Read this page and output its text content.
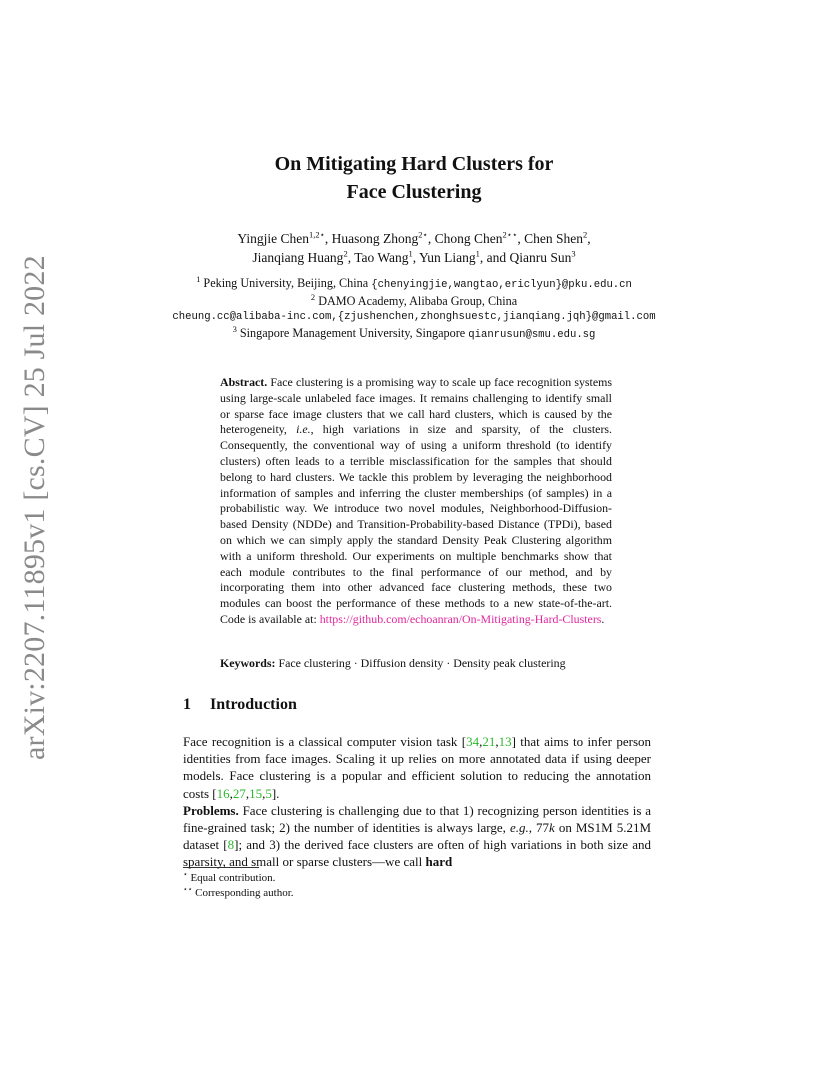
arXiv:2207.11895v1 [cs.CV] 25 Jul 2022
On Mitigating Hard Clusters for
Face Clustering
Yingjie Chen$^{1,2⋆}$, Huasong Zhong$^{2⋆}$, Chong Chen$^{2⋆⋆}$, Chen Shen$^2$,
Jianqiang Huang$^2$, Tao Wang$^1$, Yun Liang$^1$, and Qianru Sun$^3$
$^1$ Peking University, Beijing, China {chenyingjie,wangtao,ericlyun}@pku.edu.cn
$^2$ DAMO Academy, Alibaba Group, China
cheung.cc@alibaba-inc.com,{zjushenchen,zhonghsuestc,jianqiang.jqh}@gmail.com
$^3$ Singapore Management University, Singapore qianrusun@smu.edu.sg
Abstract. Face clustering is a promising way to scale up face recognition systems using large-scale unlabeled face images. It remains challenging to identify small or sparse face image clusters that we call hard clusters, which is caused by the heterogeneity, i.e., high variations in size and sparsity, of the clusters. Consequently, the conventional way of using a uniform threshold (to identify clusters) often leads to a terrible misclassification for the samples that should belong to hard clusters. We tackle this problem by leveraging the neighborhood information of samples and inferring the cluster memberships (of samples) in a probabilistic way. We introduce two novel modules, Neighborhood-Diffusion-based Density (NDDe) and Transition-Probability-based Distance (TPDi), based on which we can simply apply the standard Density Peak Clustering algorithm with a uniform threshold. Our experiments on multiple benchmarks show that each module contributes to the final performance of our method, and by incorporating them into other advanced face clustering methods, these two modules can boost the performance of these methods to a new state-of-the-art. Code is available at: https://github.com/echoanran/On-Mitigating-Hard-Clusters.
Keywords: Face clustering · Diffusion density · Density peak clustering
1 Introduction

Face recognition is a classical computer vision task [34,21,13] that aims to infer person identities from face images. Scaling it up relies on more annotated data if using deeper models. Face clustering is a popular and efficient solution to reducing the annotation costs [16,27,15,5].

Problems. Face clustering is challenging due to that 1) recognizing person identities is a fine-grained task; 2) the number of identities is always large, e.g., 77k on MS1M 5.21M dataset [8]; and 3) the derived face clusters are often of high variations in both size and sparsity, and small or sparse clusters—we call hard

⋆ Equal contribution.
⋆⋆ Corresponding author.
